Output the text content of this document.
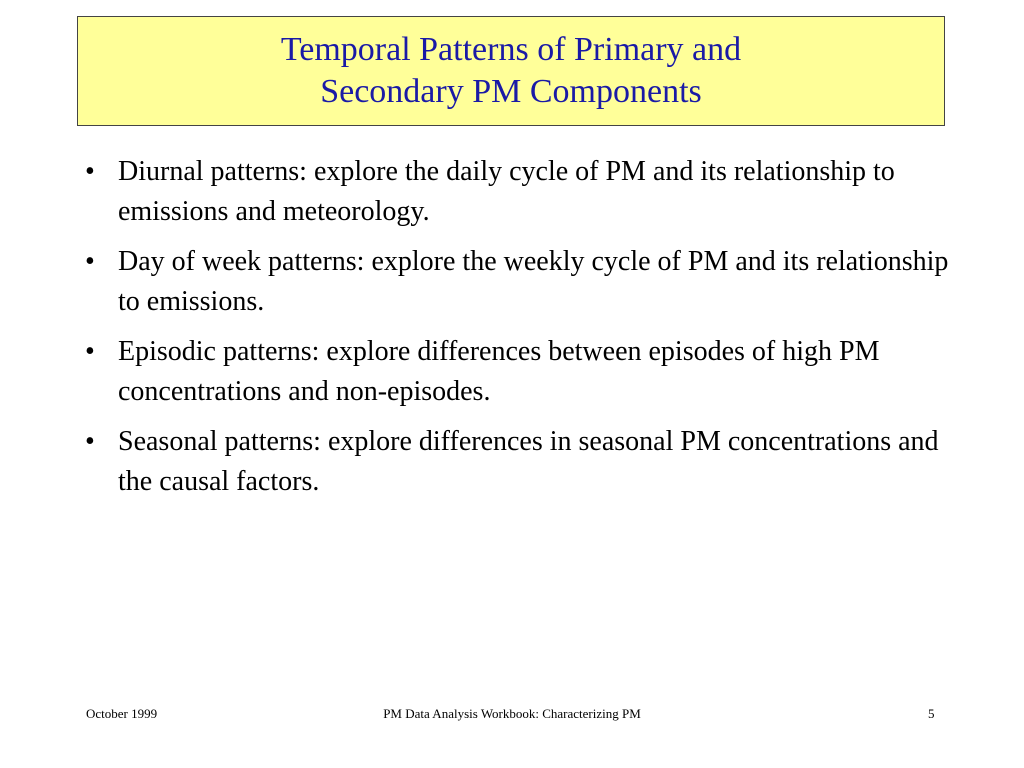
Temporal Patterns of Primary and
Secondary PM Components
• Diurnal patterns: explore the daily cycle of PM and its relationship to emissions and meteorology.
• Day of week patterns: explore the weekly cycle of PM and its relationship to emissions.
• Episodic patterns: explore differences between episodes of high PM concentrations and non-episodes.
• Seasonal patterns: explore differences in seasonal PM concentrations and the causal factors.
October 1999	PM Data Analysis Workbook: Characterizing PM	5
